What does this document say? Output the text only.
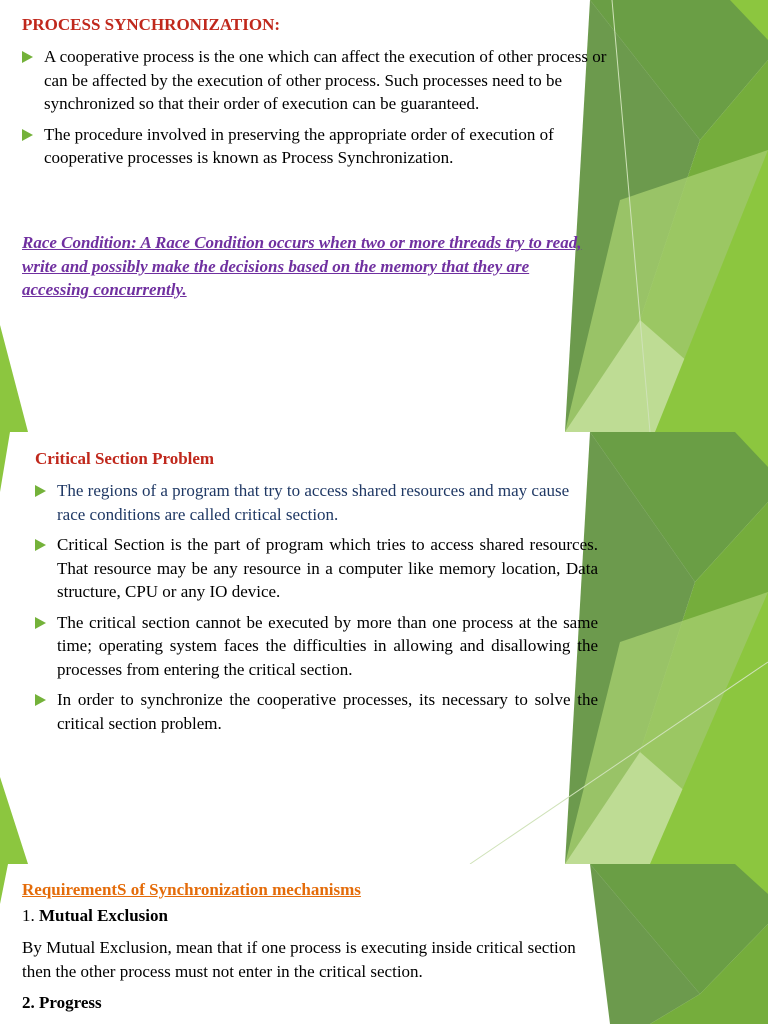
PROCESS SYNCHRONIZATION:

A cooperative process is the one which can affect the execution of other process or can be affected by the execution of other process. Such processes need to be synchronized so that their order of execution can be guaranteed.
The procedure involved in preserving the appropriate order of execution of cooperative processes is known as Process Synchronization.

Race Condition: A Race Condition occurs when two or more threads try to read, write and possibly make the decisions based on the memory that they are accessing concurrently.

Critical Section Problem

The regions of a program that try to access shared resources and may cause race conditions are called critical section.
Critical Section is the part of program which tries to access shared resources. That resource may be any resource in a computer like memory location, Data structure, CPU or any IO device.
The critical section cannot be executed by more than one process at the same time; operating system faces the difficulties in allowing and disallowing the processes from entering the critical section.
In order to synchronize the cooperative processes, its necessary to solve the critical section problem.

RequirementS of Synchronization mechanisms

1. Mutual Exclusion

By Mutual Exclusion, mean that if one process is executing inside critical section then the other process must not enter in the critical section.

2. Progress
